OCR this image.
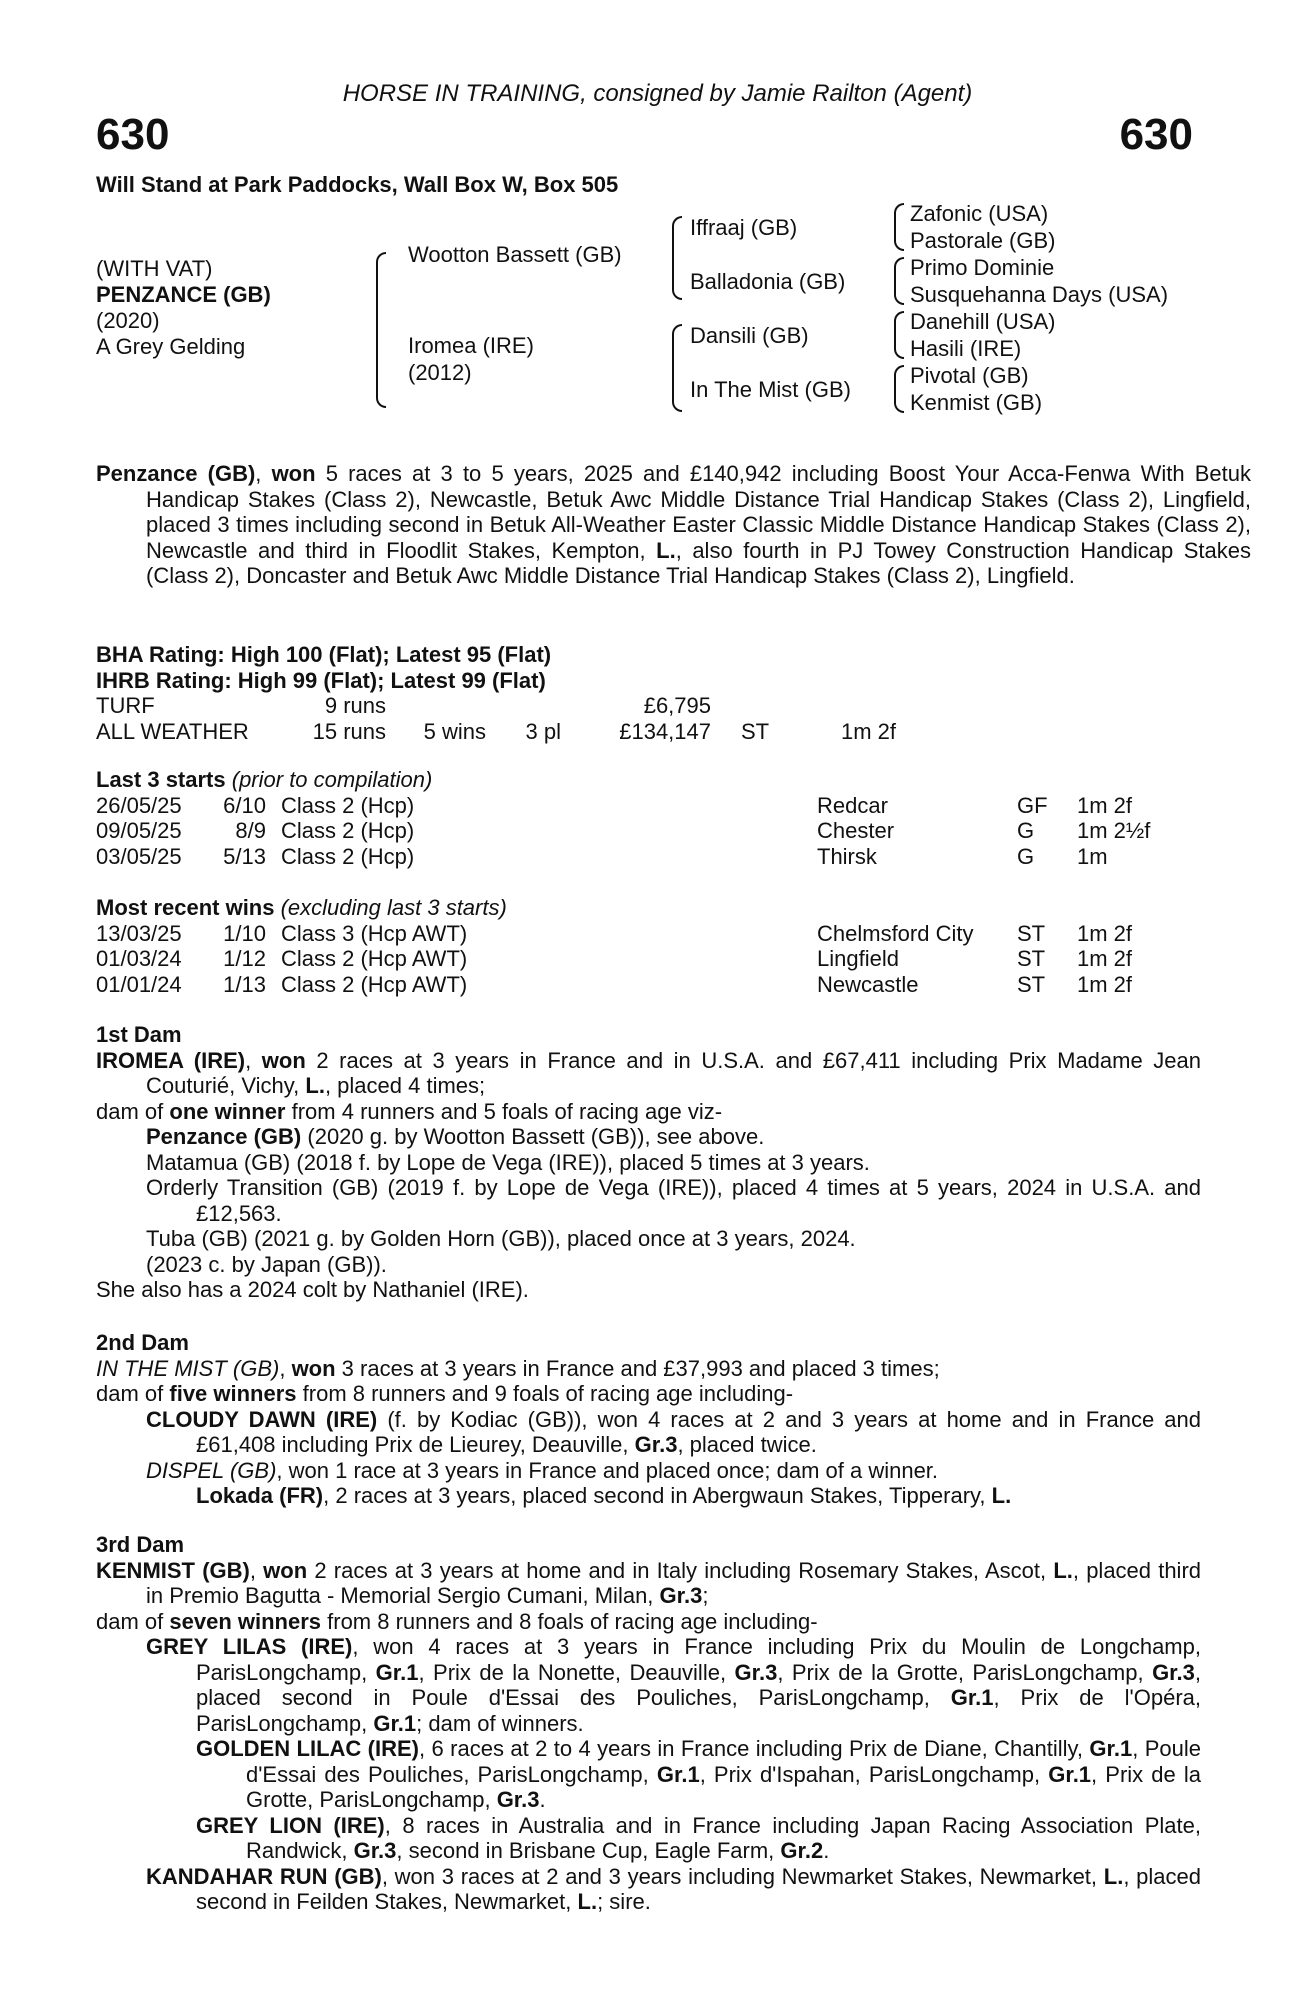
HORSE IN TRAINING, consigned by Jamie Railton (Agent)
630	630
Will Stand at Park Paddocks, Wall Box W, Box 505
(WITH VAT)
PENZANCE (GB)
(2020)
A Grey Gelding
Wootton Bassett (GB)
Iromea (IRE)
(2012)
Iffraaj (GB)
Balladonia (GB)
Dansili (GB)
In The Mist (GB)
Zafonic (USA)
Pastorale (GB)
Primo Dominie
Susquehanna Days (USA)
Danehill (USA)
Hasili (IRE)
Pivotal (GB)
Kenmist (GB)
Penzance (GB), won 5 races at 3 to 5 years, 2025 and £140,942 including Boost Your Acca-Fenwa With Betuk Handicap Stakes (Class 2), Newcastle, Betuk Awc Middle Distance Trial Handicap Stakes (Class 2), Lingfield, placed 3 times including second in Betuk All-Weather Easter Classic Middle Distance Handicap Stakes (Class 2), Newcastle and third in Floodlit Stakes, Kempton, L., also fourth in PJ Towey Construction Handicap Stakes (Class 2), Doncaster and Betuk Awc Middle Distance Trial Handicap Stakes (Class 2), Lingfield.
BHA Rating: High 100 (Flat); Latest 95 (Flat)
IHRB Rating: High 99 (Flat); Latest 99 (Flat)
TURF	9 runs	£6,795
ALL WEATHER	15 runs	5 wins	3 pl	£134,147	ST	1m 2f
Last 3 starts (prior to compilation)
26/05/25	6/10 Class 2 (Hcp)	Redcar	GF	1m 2f
09/05/25	8/9 Class 2 (Hcp)	Chester	G	1m 2½f
03/05/25	5/13 Class 2 (Hcp)	Thirsk	G	1m
Most recent wins (excluding last 3 starts)
13/03/25	1/10 Class 3 (Hcp AWT)	Chelmsford City	ST	1m 2f
01/03/24	1/12 Class 2 (Hcp AWT)	Lingfield	ST	1m 2f
01/01/24	1/13 Class 2 (Hcp AWT)	Newcastle	ST	1m 2f
1st Dam
IROMEA (IRE), won 2 races at 3 years in France and in U.S.A. and £67,411 including Prix Madame Jean Couturié, Vichy, L., placed 4 times;
dam of one winner from 4 runners and 5 foals of racing age viz-
Penzance (GB) (2020 g. by Wootton Bassett (GB)), see above.
Matamua (GB) (2018 f. by Lope de Vega (IRE)), placed 5 times at 3 years.
Orderly Transition (GB) (2019 f. by Lope de Vega (IRE)), placed 4 times at 5 years, 2024 in U.S.A. and £12,563.
Tuba (GB) (2021 g. by Golden Horn (GB)), placed once at 3 years, 2024.
(2023 c. by Japan (GB)).
She also has a 2024 colt by Nathaniel (IRE).
2nd Dam
IN THE MIST (GB), won 3 races at 3 years in France and £37,993 and placed 3 times;
dam of five winners from 8 runners and 9 foals of racing age including-
CLOUDY DAWN (IRE) (f. by Kodiac (GB)), won 4 races at 2 and 3 years at home and in France and £61,408 including Prix de Lieurey, Deauville, Gr.3, placed twice.
DISPEL (GB), won 1 race at 3 years in France and placed once; dam of a winner.
Lokada (FR), 2 races at 3 years, placed second in Abergwaun Stakes, Tipperary, L.
3rd Dam
KENMIST (GB), won 2 races at 3 years at home and in Italy including Rosemary Stakes, Ascot, L., placed third in Premio Bagutta - Memorial Sergio Cumani, Milan, Gr.3;
dam of seven winners from 8 runners and 8 foals of racing age including-
GREY LILAS (IRE), won 4 races at 3 years in France including Prix du Moulin de Longchamp, ParisLongchamp, Gr.1, Prix de la Nonette, Deauville, Gr.3, Prix de la Grotte, ParisLongchamp, Gr.3, placed second in Poule d'Essai des Pouliches, ParisLongchamp, Gr.1, Prix de l'Opéra, ParisLongchamp, Gr.1; dam of winners.
GOLDEN LILAC (IRE), 6 races at 2 to 4 years in France including Prix de Diane, Chantilly, Gr.1, Poule d'Essai des Pouliches, ParisLongchamp, Gr.1, Prix d'Ispahan, ParisLongchamp, Gr.1, Prix de la Grotte, ParisLongchamp, Gr.3.
GREY LION (IRE), 8 races in Australia and in France including Japan Racing Association Plate, Randwick, Gr.3, second in Brisbane Cup, Eagle Farm, Gr.2.
KANDAHAR RUN (GB), won 3 races at 2 and 3 years including Newmarket Stakes, Newmarket, L., placed second in Feilden Stakes, Newmarket, L.; sire.
